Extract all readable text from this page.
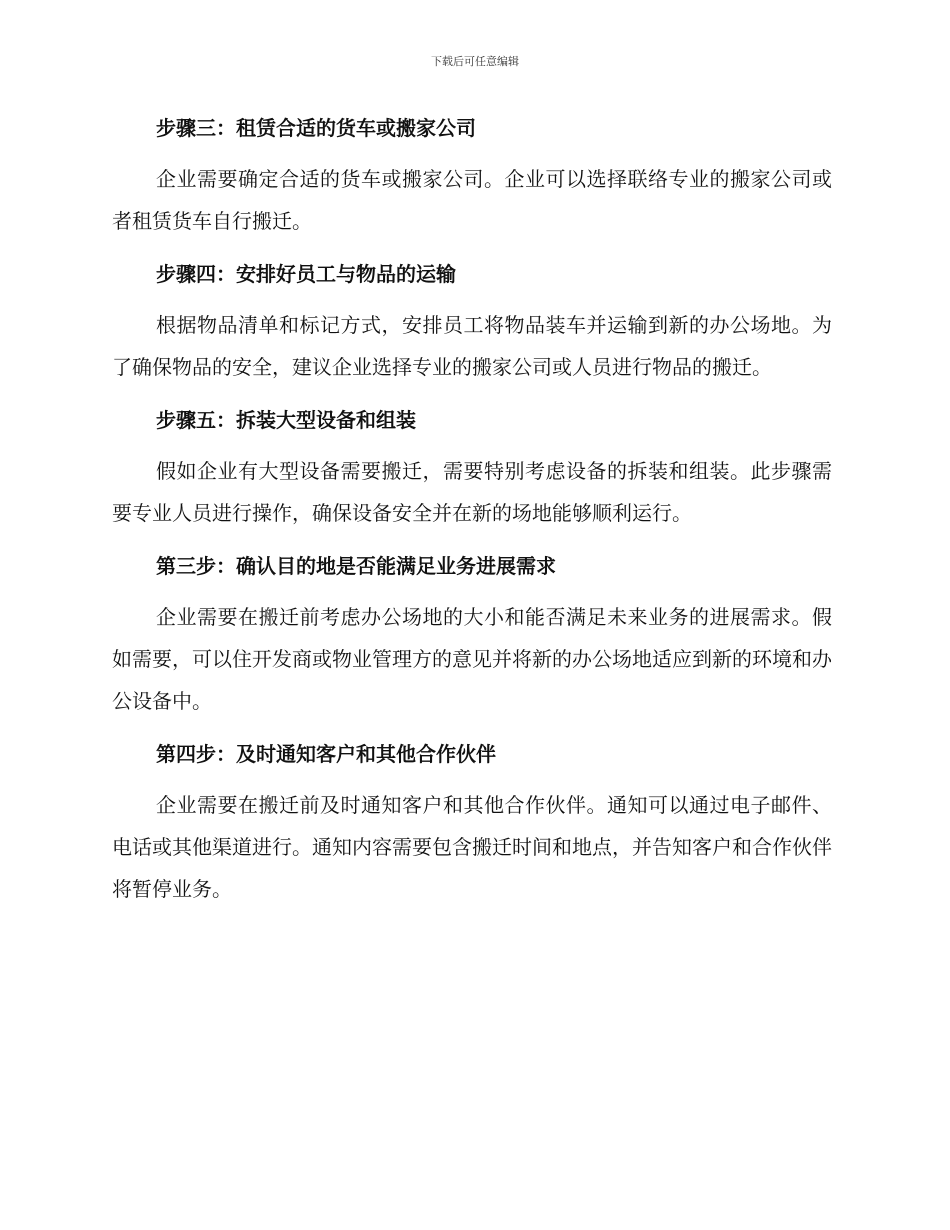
下载后可任意编辑
步骤三：租赁合适的货车或搬家公司

企业需要确定合适的货车或搬家公司。企业可以选择联络专业的搬家公司或者租赁货车自行搬迁。

步骤四：安排好员工与物品的运输

根据物品清单和标记方式，安排员工将物品装车并运输到新的办公场地。为了确保物品的安全，建议企业选择专业的搬家公司或人员进行物品的搬迁。

步骤五：拆装大型设备和组装

假如企业有大型设备需要搬迁，需要特别考虑设备的拆装和组装。此步骤需要专业人员进行操作，确保设备安全并在新的场地能够顺利运行。

第三步：确认目的地是否能满足业务进展需求

企业需要在搬迁前考虑办公场地的大小和能否满足未来业务的进展需求。假如需要，可以住开发商或物业管理方的意见并将新的办公场地适应到新的环境和办公设备中。

第四步：及时通知客户和其他合作伙伴

企业需要在搬迁前及时通知客户和其他合作伙伴。通知可以通过电子邮件、电话或其他渠道进行。通知内容需要包含搬迁时间和地点，并告知客户和合作伙伴将暂停业务。
